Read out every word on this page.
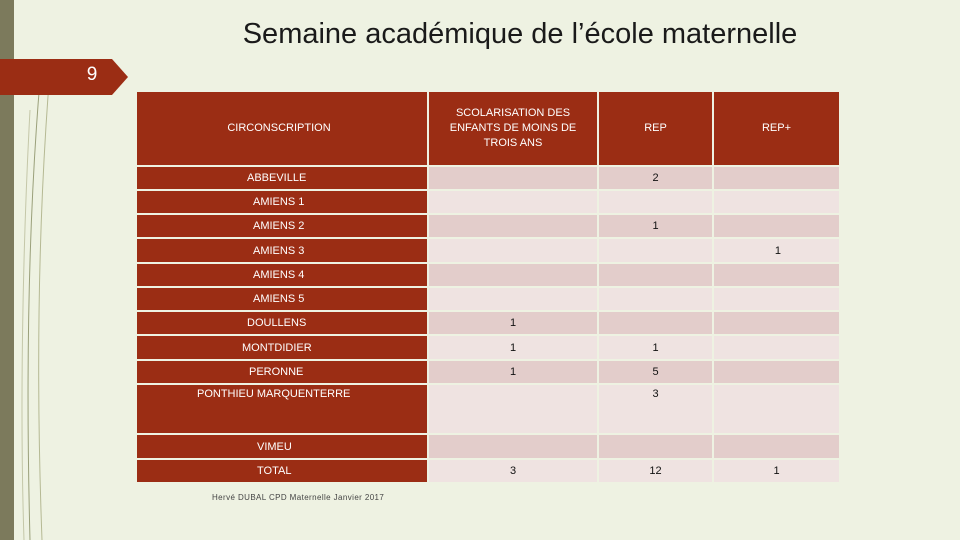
Semaine académique de l’école maternelle
9
CIRCONSCRIPTION	SCOLARISATION DES ENFANTS DE MOINS DE TROIS ANS	REP	REP+
ABBEVILLE		2	
AMIENS 1			
AMIENS 2		1	
AMIENS 3			1
AMIENS 4			
AMIENS 5			
DOULLENS	1		
MONTDIDIER	1	1	
PERONNE	1	5	
PONTHIEU MARQUENTERRE		3	
VIMEU			
TOTAL	3	12	1
Hervé DUBAL CPD Maternelle Janvier 2017
